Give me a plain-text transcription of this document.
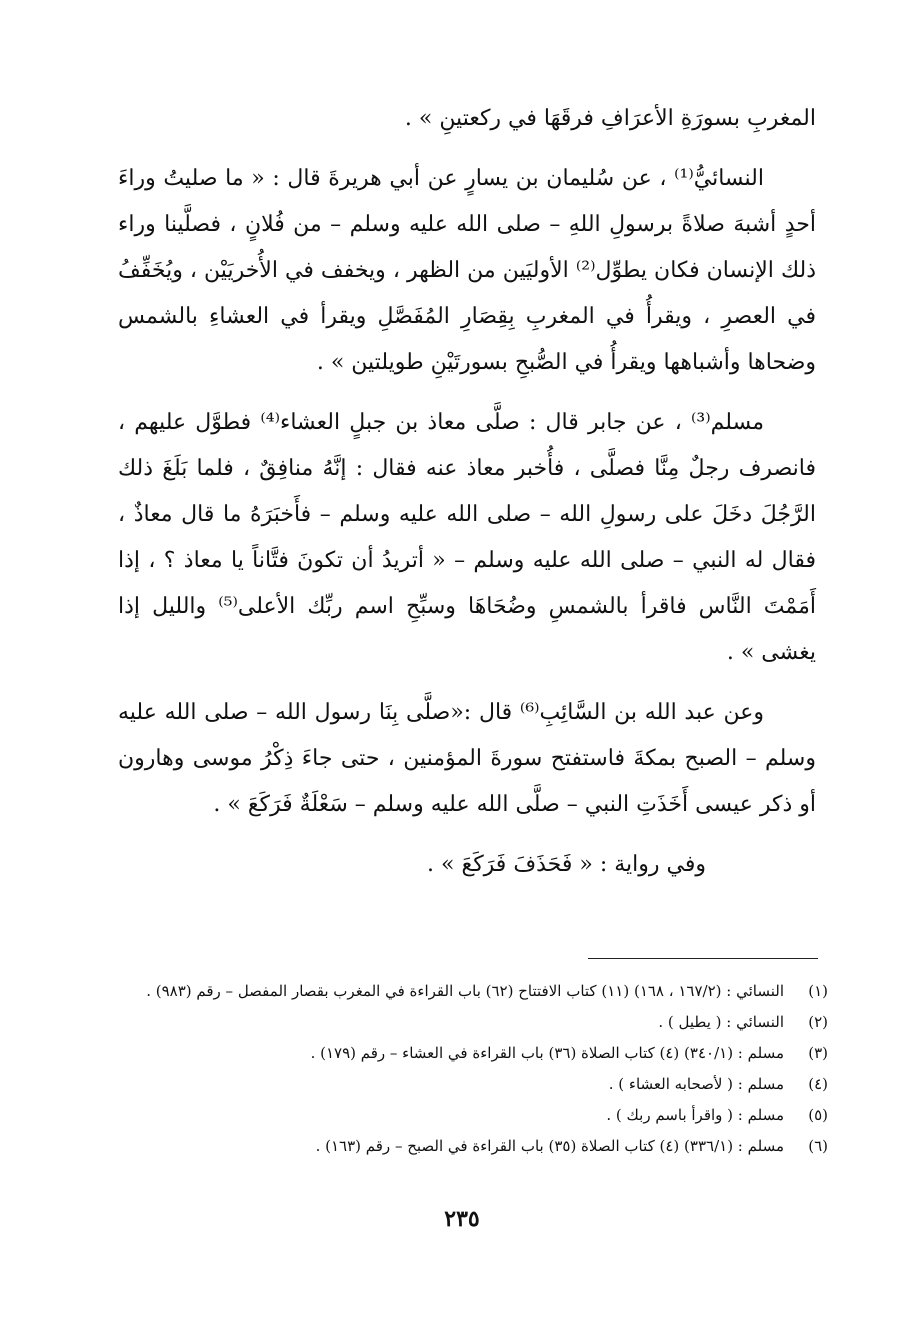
المغربِ بسورَةِ الأعرَافِ فرقَهَا في ركعتينِ » .

النسائيُّ⁽¹⁾ ، عن سُليمان بن يسارٍ عن أبي هريرةَ قال : « ما صليتُ وراءَ أحدٍ أشبهَ صلاةً برسولِ اللهِ – صلى الله عليه وسلم – من فُلانٍ ، فصلَّينا وراء ذلك الإنسان فكان يطوِّل⁽²⁾ الأوليَين من الظهر ، ويخفف في الأُخريَيْن ، ويُخَفِّفُ في العصرِ ، ويقرأُ في المغربِ بِقِصَارِ المُفَصَّلِ ويقرأ في العشاءِ بالشمس وضحاها وأشباهها ويقرأُ في الصُّبحِ بسورتَيْنِ طويلتين » .

مسلم⁽³⁾ ، عن جابر قال : صلَّى معاذ بن جبلٍ العشاء⁽⁴⁾ فطوَّل عليهم ، فانصرف رجلٌ مِنَّا فصلَّى ، فأُخبر معاذ عنه فقال : إنَّهُ منافِقٌ ، فلما بَلَغَ ذلك الرَّجُلَ دخَلَ على رسولِ الله – صلى الله عليه وسلم – فأَخبَرَهُ ما قال معاذٌ ، فقال له النبي – صلى الله عليه وسلم – « أتريدُ أن تكونَ فتَّاناً يا معاذ ؟ ، إذا أَمَمْتَ النَّاس فاقرأ بالشمسِ وضُحَاهَا وسبِّحِ اسم ربِّك الأعلى⁽⁵⁾ والليل إذا يغشى » .

وعن عبد الله بن السَّائِبِ⁽⁶⁾ قال :«صلَّى بِنَا رسول الله – صلى الله عليه وسلم – الصبح بمكةَ فاستفتح سورةَ المؤمنين ، حتى جاءَ ذِكْرُ موسى وهارون أو ذكر عيسى أَخَذَتِ النبي – صلَّى الله عليه وسلم – سَعْلَةٌ فَرَكَعَ » .

وفي رواية : « فَحَذَفَ فَرَكَعَ » .

(١)
النسائي : (١٦٧/٢ ، ١٦٨) (١١) كتاب الافتتاح (٦٢) باب القراءة في المغرب بقصار المفصل – رقم (٩٨٣) .
(٢)
النسائي : ( يطيل ) .
(٣)
مسلم : (٣٤٠/١) (٤) كتاب الصلاة (٣٦) باب القراءة في العشاء – رقم (١٧٩) .
(٤)
مسلم : ( لأصحابه العشاء ) .
(٥)
مسلم : ( واقرأ باسم ربك ) .
(٦)
مسلم : (٣٣٦/١) (٤) كتاب الصلاة (٣٥) باب القراءة في الصبح – رقم (١٦٣) .
٢٣٥
